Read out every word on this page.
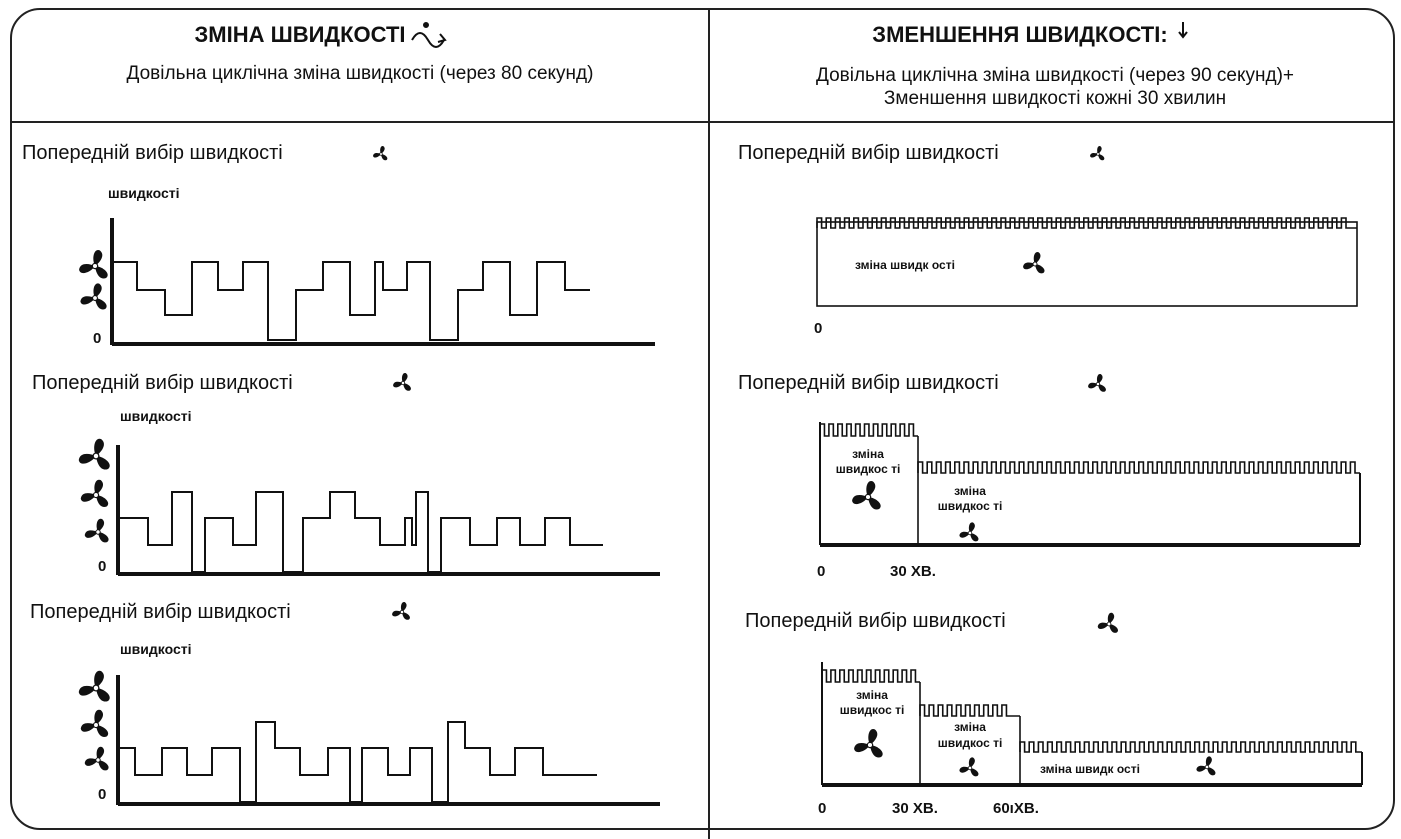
ЗМІНА ШВИДКОСТІ
Довільна циклічна зміна швидкості (через 80 секунд)
ЗМЕНШЕННЯ ШВИДКОСТІ:
Довільна циклічна зміна швидкості (через 90 секунд)+
Зменшення швидкості кожні 30 хвилин
Попередній вибір швидкості
швидкості
0
Попередній вибір швидкості
швидкості
0
Попередній вибір швидкості
швидкості
0
Попередній вибір швидкості
0
зміна швидк ості
Попередній вибір швидкості
0	30 ХВ.
зміна
швидкос ті
зміна
швидкос ті
Попередній вибір швидкості
0	30 ХВ.	60ıХВ.
зміна
швидкос ті
зміна
швидкос ті
зміна швидк ості
